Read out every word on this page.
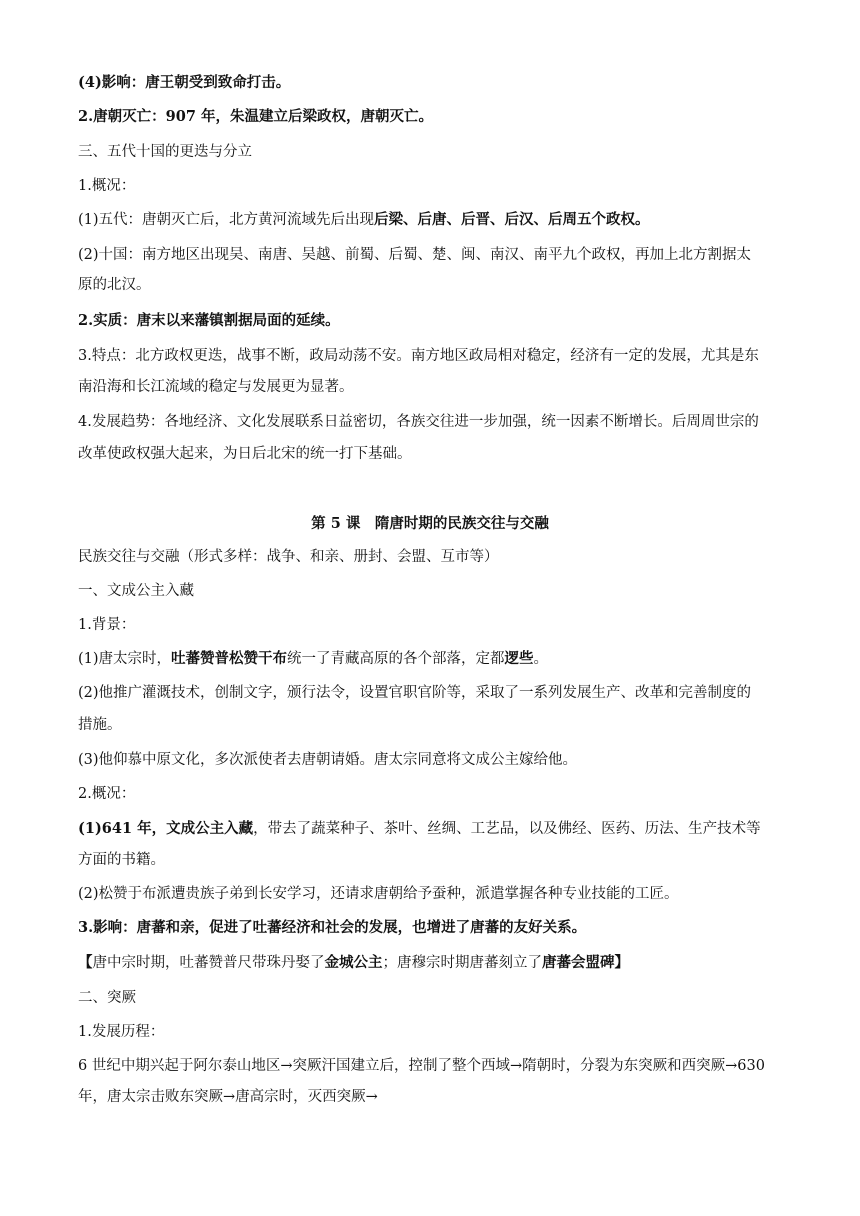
(4)影响：唐王朝受到致命打击。
2.唐朝灭亡：907 年，朱温建立后梁政权，唐朝灭亡。
三、五代十国的更迭与分立
1.概况：
(1)五代：唐朝灭亡后，北方黄河流域先后出现后梁、后唐、后晋、后汉、后周五个政权。
(2)十国：南方地区出现吴、南唐、吴越、前蜀、后蜀、楚、闽、南汉、南平九个政权，再加上北方割据太
原的北汉。
2.实质：唐末以来藩镇割据局面的延续。
3.特点：北方政权更迭，战事不断，政局动荡不安。南方地区政局相对稳定，经济有一定的发展，尤其是东
南沿海和长江流域的稳定与发展更为显著。
4.发展趋势：各地经济、文化发展联系日益密切，各族交往进一步加强，统一因素不断增长。后周周世宗的
改革使政权强大起来，为日后北宋的统一打下基础。
第 5 课　隋唐时期的民族交往与交融
民族交往与交融（形式多样：战争、和亲、册封、会盟、互市等）
一、文成公主入藏
1.背景：
(1)唐太宗时，吐蕃赞普松赞干布统一了青藏高原的各个部落，定都逻些。
(2)他推广灌溉技术，创制文字，颁行法令，设置官职官阶等，采取了一系列发展生产、改革和完善制度的
措施。
(3)他仰慕中原文化，多次派使者去唐朝请婚。唐太宗同意将文成公主嫁给他。
2.概况：
(1)641 年，文成公主入藏，带去了蔬菜种子、茶叶、丝绸、工艺品，以及佛经、医药、历法、生产技术等
方面的书籍。
(2)松赞于布派遭贵族子弟到长安学习，还请求唐朝给予蚕种，派遣掌握各种专业技能的工匠。
3.影响：唐蕃和亲，促进了吐蕃经济和社会的发展，也增进了唐蕃的友好关系。
【唐中宗时期，吐蕃赞普尺带珠丹娶了金城公主；唐穆宗时期唐蕃刻立了唐蕃会盟碑】
二、突厥
1.发展历程：
6 世纪中期兴起于阿尔泰山地区→突厥汗国建立后，控制了整个西域→隋朝时，分裂为东突厥和西突厥→630
年，唐太宗击败东突厥→唐高宗时，灭西突厥→
